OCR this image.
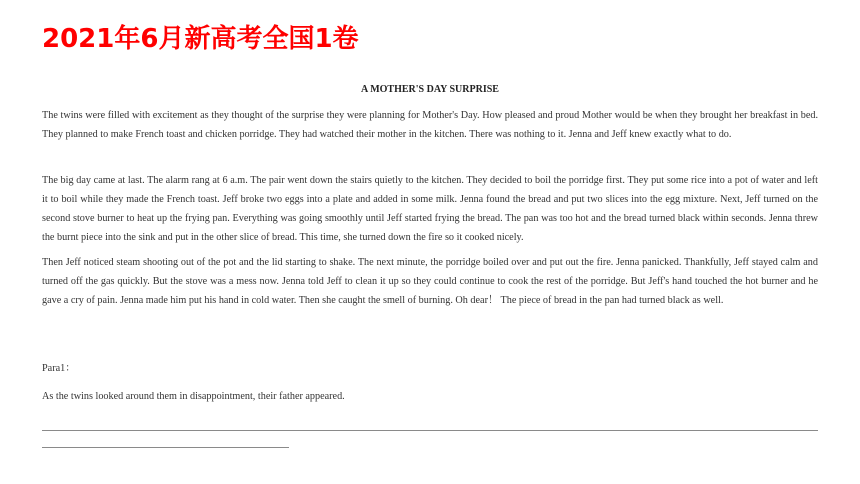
2021年6月新高考全国1卷
A MOTHER'S DAY SURPRISE

The twins were filled with excitement as they thought of the surprise they were planning for Mother's Day. How pleased and proud Mother would be when they brought her breakfast in bed. They planned to make French toast and chicken porridge. They had watched their mother in the kitchen. There was nothing to it. Jenna and Jeff knew exactly what to do.

The big day came at last. The alarm rang at 6 a.m. The pair went down the stairs quietly to the kitchen. They decided to boil the porridge first. They put some rice into a pot of water and left it to boil while they made the French toast. Jeff broke two eggs into a plate and added in some milk. Jenna found the bread and put two slices into the egg mixture. Next, Jeff turned on the second stove burner to heat up the frying pan. Everything was going smoothly until Jeff started frying the bread. The pan was too hot and the bread turned black within seconds. Jenna threw the burnt piece into the sink and put in the other slice of bread. This time, she turned down the fire so it cooked nicely.

Then Jeff noticed steam shooting out of the pot and the lid starting to shake. The next minute, the porridge boiled over and put out the fire. Jenna panicked. Thankfully, Jeff stayed calm and turned off the gas quickly. But the stove was a mess now. Jenna told Jeff to clean it up so they could continue to cook the rest of the porridge. But Jeff's hand touched the hot burner and he gave a cry of pain. Jenna made him put his hand in cold water. Then she caught the smell of burning. Oh dear！ The piece of bread in the pan had turned black as well.

Para1：

As the twins looked around them in disappointment, their father appeared.
